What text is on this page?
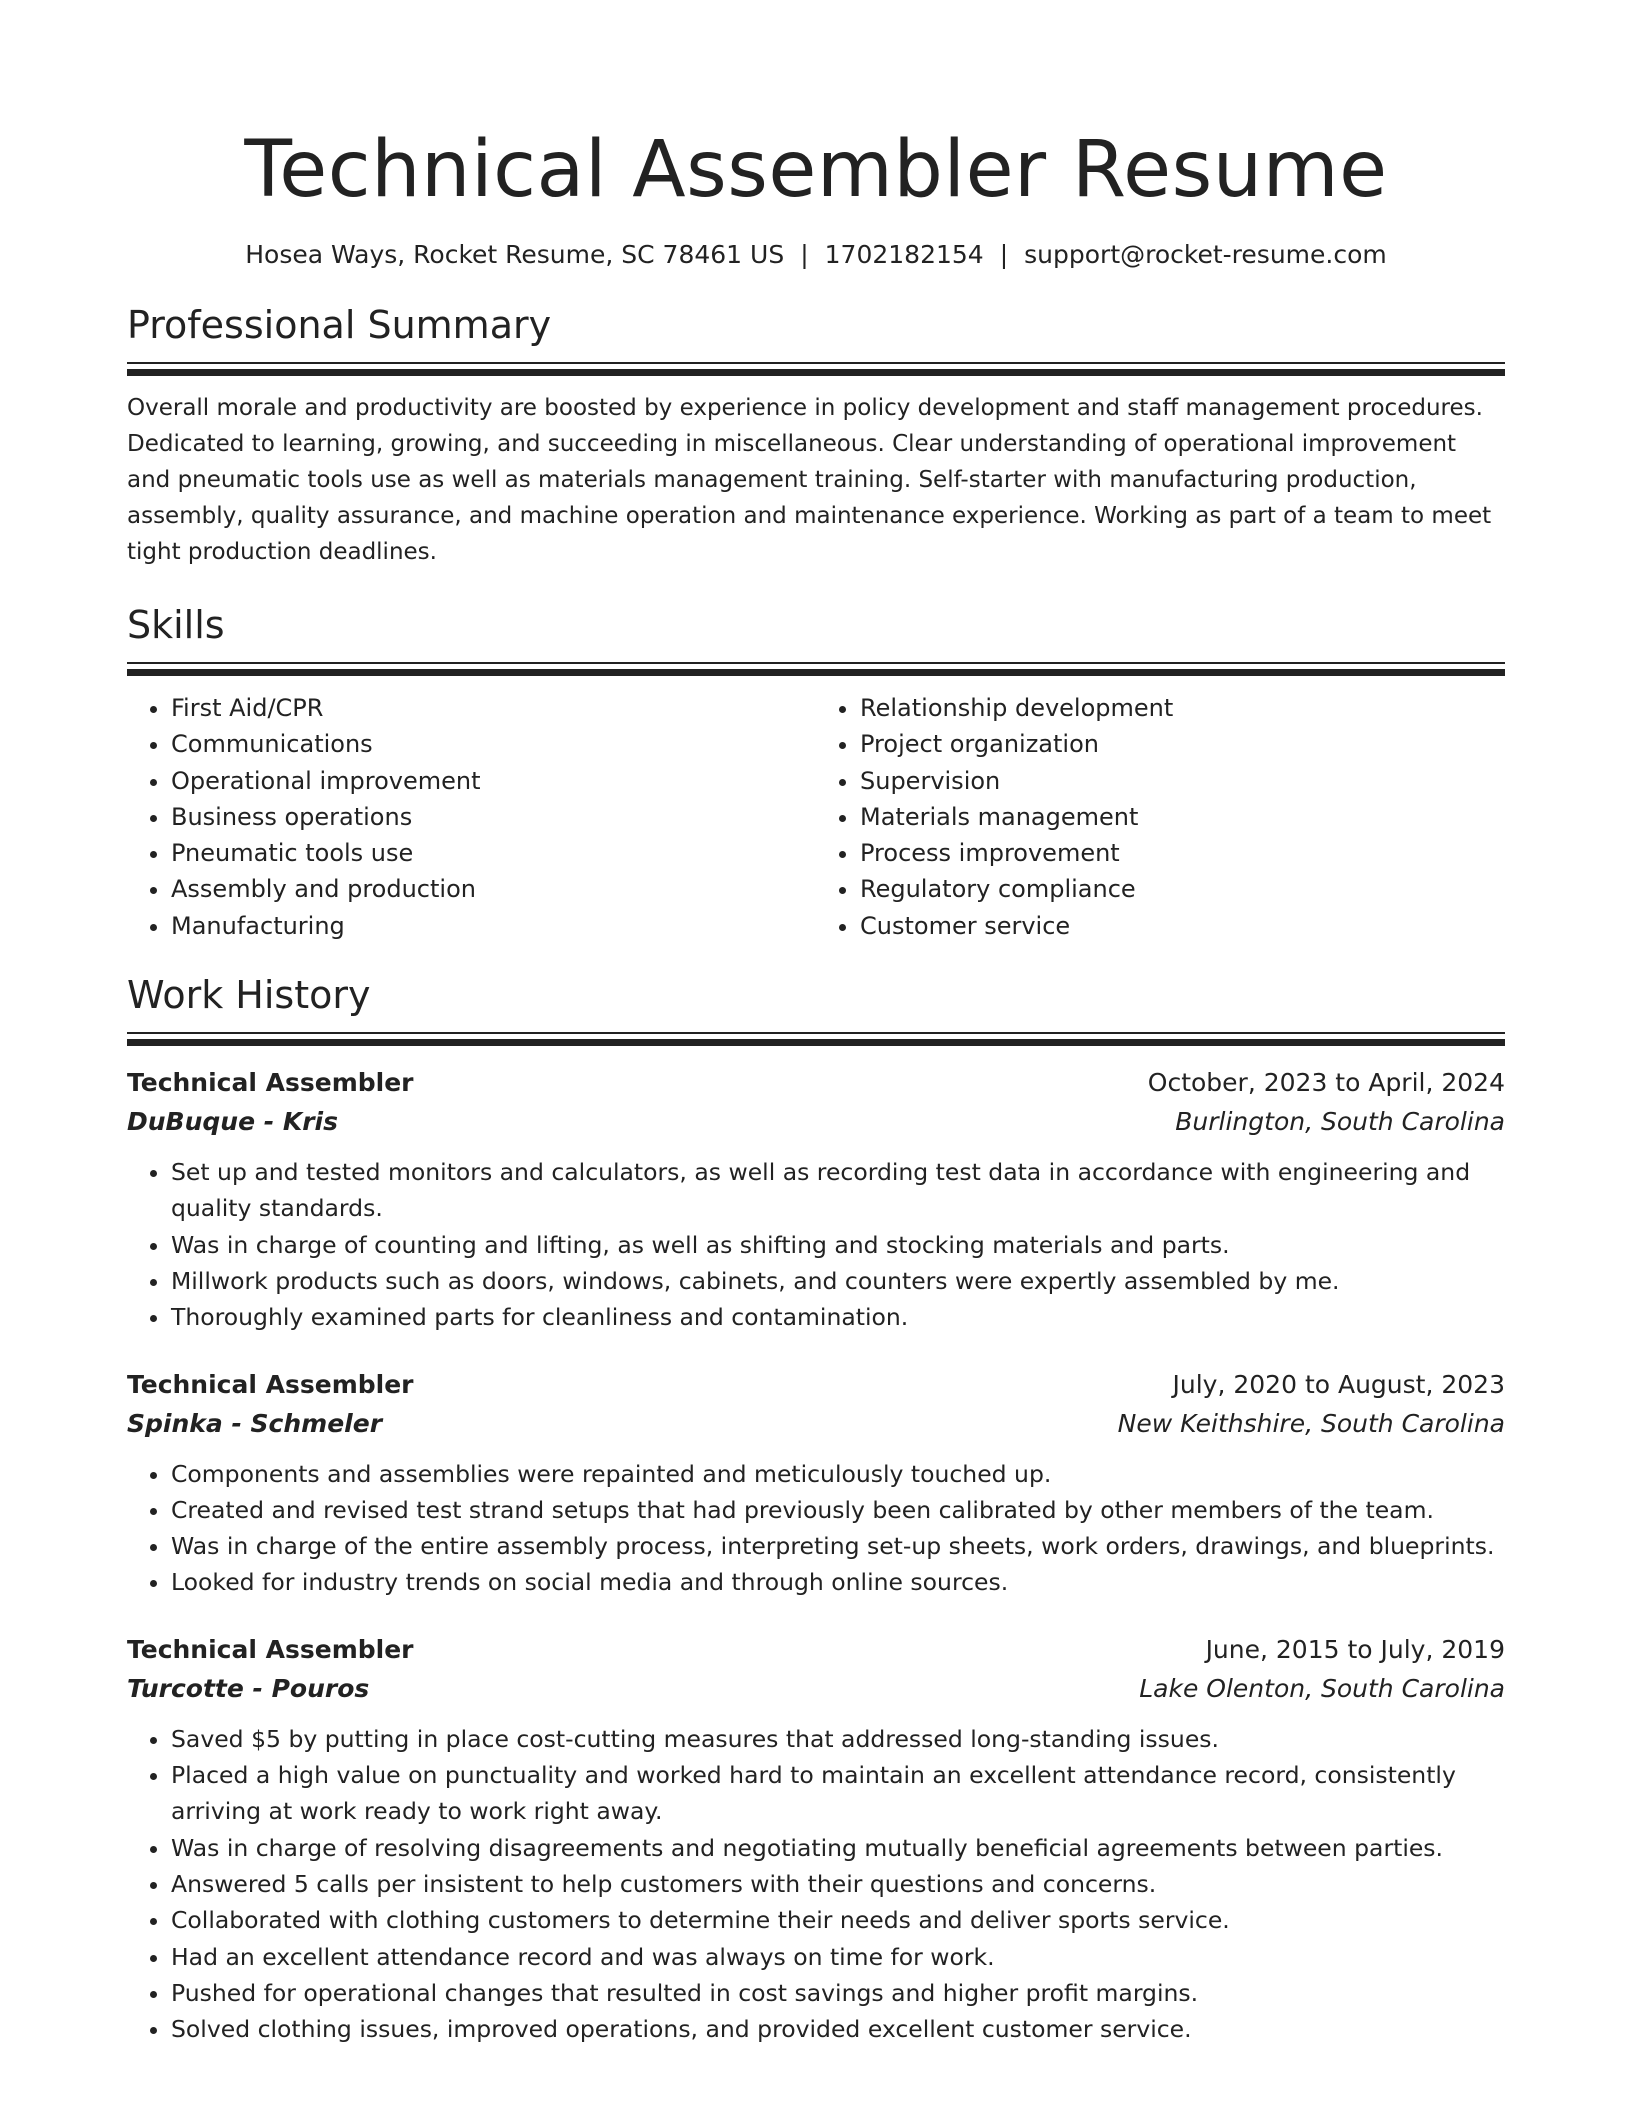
Technical Assembler Resume
Hosea Ways, Rocket Resume, SC 78461 US | 1702182154 | support@rocket-resume.com
Professional Summary

Overall morale and productivity are boosted by experience in policy development and staff management procedures. Dedicated to learning, growing, and succeeding in miscellaneous. Clear understanding of operational improvement and pneumatic tools use as well as materials management training. Self-starter with manufacturing production, assembly, quality assurance, and machine operation and maintenance experience. Working as part of a team to meet tight production deadlines.

Skills
• First Aid/CPR
• Communications
• Operational improvement
• Business operations
• Pneumatic tools use
• Assembly and production
• Manufacturing
• Relationship development
• Project organization
• Supervision
• Materials management
• Process improvement
• Regulatory compliance
• Customer service
Work History
Technical Assembler	October, 2023 to April, 2024
DuBuque - Kris	Burlington, South Carolina
• Set up and tested monitors and calculators, as well as recording test data in accordance with engineering and quality standards.
• Was in charge of counting and lifting, as well as shifting and stocking materials and parts.
• Millwork products such as doors, windows, cabinets, and counters were expertly assembled by me.
• Thoroughly examined parts for cleanliness and contamination.
Technical Assembler	July, 2020 to August, 2023
Spinka - Schmeler	New Keithshire, South Carolina
• Components and assemblies were repainted and meticulously touched up.
• Created and revised test strand setups that had previously been calibrated by other members of the team.
• Was in charge of the entire assembly process, interpreting set-up sheets, work orders, drawings, and blueprints.
• Looked for industry trends on social media and through online sources.
Technical Assembler	June, 2015 to July, 2019
Turcotte - Pouros	Lake Olenton, South Carolina
• Saved $5 by putting in place cost-cutting measures that addressed long-standing issues.
• Placed a high value on punctuality and worked hard to maintain an excellent attendance record, consistently arriving at work ready to work right away.
• Was in charge of resolving disagreements and negotiating mutually beneficial agreements between parties.
• Answered 5 calls per insistent to help customers with their questions and concerns.
• Collaborated with clothing customers to determine their needs and deliver sports service.
• Had an excellent attendance record and was always on time for work.
• Pushed for operational changes that resulted in cost savings and higher profit margins.
• Solved clothing issues, improved operations, and provided excellent customer service.
